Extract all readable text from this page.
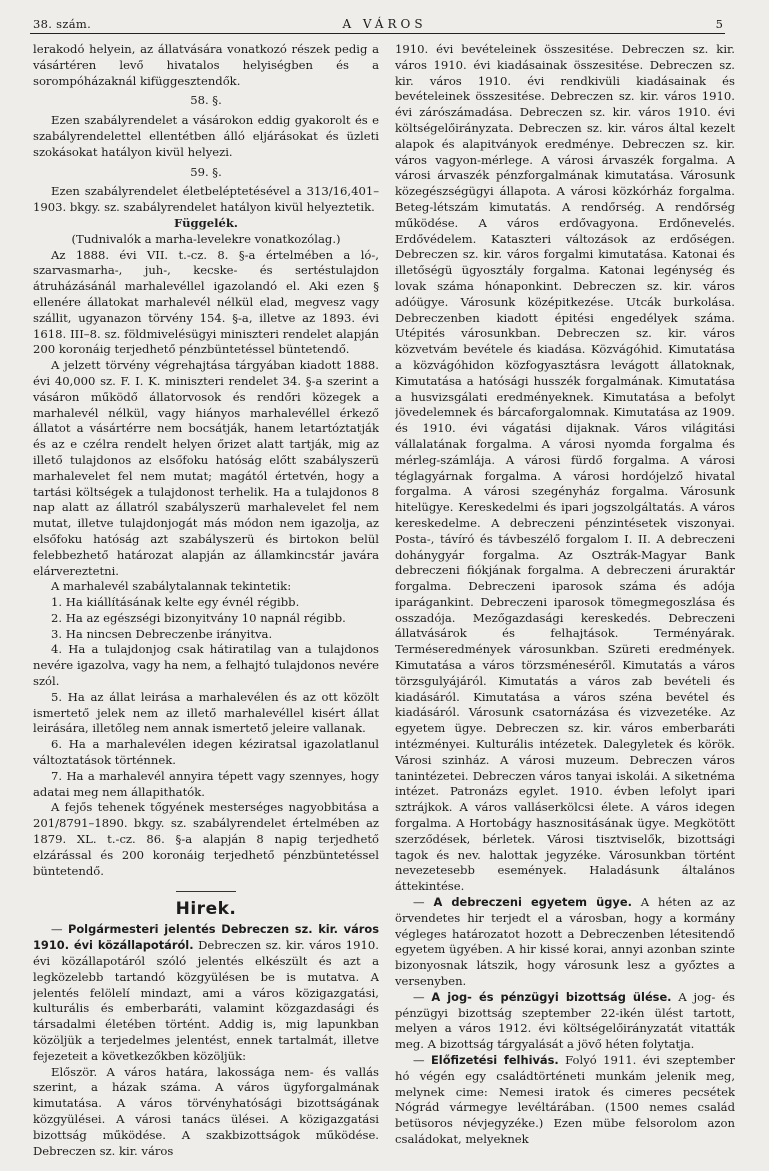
38. szám.	A VÁROS	5

lerakodó helyein, az állatvására vonatkozó részek pedig a vásártéren levő hivatalos helyiségben és a sorompóházaknál kifüggesztendők.

58. §.

Ezen szabályrendelet a vásárokon eddig gyakorolt és e szabályrendelettel ellentétben álló eljárásokat és üzleti szokásokat hatályon kivül helyezi.

59. §.

Ezen szabályrendelet életbeléptetésével a 313/16,401–1903. bkgy. sz. szabályrendelet hatályon kivül helyeztetik.

Függelék.

(Tudnivalók a marha-levelekre vonatkozólag.)

Az 1888. évi VII. t.-cz. 8. §-a értelmében a ló-, szarvasmarha-, juh-, kecske- és sertéstulajdon átruházásánál marhalevéllel igazolandó el. Aki ezen § ellenére állatokat marhalevél nélkül elad, megvesz vagy szállit, ugyanazon törvény 154. §-a, illetve az 1893. évi 1618. III–8. sz. földmivelésügyi miniszteri rendelet alapján 200 koronáig terjedhető pénzbüntetéssel büntetendő.

A jelzett törvény végrehajtása tárgyában kiadott 1888. évi 40,000 sz. F. I. K. miniszteri rendelet 34. §-a szerint a vásáron működő állatorvosok és rendőri közegek a marhalevél nélkül, vagy hiányos marhalevéllel érkező állatot a vásártérre nem bocsátják, hanem letartóztatják és az e czélra rendelt helyen őrizet alatt tartják, mig az illető tulajdonos az elsőfoku hatóság előtt szabályszerü marhalevelet fel nem mutat; magától értetvén, hogy a tartási költségek a tulajdonost terhelik. Ha a tulajdonos 8 nap alatt az állatról szabályszerü marhalevelet fel nem mutat, illetve tulajdonjogát más módon nem igazolja, az elsőfoku hatóság azt szabályszerü és birtokon belül felebbezhető határozat alapján az államkincstár javára elárvereztetni.

A marhalevél szabálytalannak tekintetik:

1. Ha kiállításának kelte egy évnél régibb.

2. Ha az egészségi bizonyitvány 10 napnál régibb.

3. Ha nincsen Debreczenbe irányitva.

4. Ha a tulajdonjog csak hátiratilag van a tulajdonos nevére igazolva, vagy ha nem, a felhajtó tulajdonos nevére szól.

5. Ha az állat leirása a marhalevélen és az ott közölt ismertető jelek nem az illető marhalevéllel kisért állat leirására, illetőleg nem annak ismertető jeleire vallanak.

6. Ha a marhalevélen idegen kéziratsal igazolatlanul változtatások történnek.

7. Ha a marhalevél annyira tépett vagy szennyes, hogy adatai meg nem állapithatók.

A fejős tehenek tőgyének mesterséges nagyobbitása a 201/8791–1890. bkgy. sz. szabályrendelet értelmében az 1879. XL. t.-cz. 86. §-a alapján 8 napig terjedhető elzárással és 200 koronáig terjedhető pénzbüntetéssel büntetendő.

Hirek.

— Polgármesteri jelentés Debreczen sz. kir. város 1910. évi közállapotáról. Debreczen sz. kir. város 1910. évi közállapotáról szóló jelentés elkészült és azt a legközelebb tartandó közgyülésen be is mutatva. A jelentés felölelí mindazt, ami a város közigazgatási, kulturális és emberbaráti, valamint közgazdasági és társadalmi életében történt. Addig is, mig lapunkban közöljük a terjedelmes jelentést, ennek tartalmát, illetve fejezeteit a következőkben közöljük:

Először. A város határa, lakossága nem- és vallás szerint, a házak száma. A város ügyforgalmának kimutatása. A város törvényhatósági bizottságának közgyülései. A városi tanács ülései. A közigazgatási bizottság működése. A szakbizottságok működése. Debreczen sz. kir. város

1910. évi bevételeinek összesitése. Debreczen sz. kir. város 1910. évi kiadásainak összesitése. Debreczen sz. kir. város 1910. évi rendkivüli kiadásainak és bevételeinek összesitése. Debreczen sz. kir. város 1910. évi zárószámadása. Debreczen sz. kir. város 1910. évi költségelőirányzata. Debreczen sz. kir. város által kezelt alapok és alapitványok eredménye. Debreczen sz. kir. város vagyon-mérlege. A városi árvaszék forgalma. A városi árvaszék pénzforgalmának kimutatása. Városunk közegészségügyi állapota. A városi közkórház forgalma. Beteg-létszám kimutatás. A rendőrség. A rendőrség működése. A város erdővagyona. Erdőnevelés. Erdővédelem. Kataszteri változások az erdőségen. Debreczen sz. kir. város forgalmi kimutatása. Katonai és illetőségü ügyosztály forgalma. Katonai legénység és lovak száma hónaponkint. Debreczen sz. kir. város adóügye. Városunk középitkezése. Utcák burkolása. Debreczenben kiadott épitési engedélyek száma. Utépités városunkban. Debreczen sz. kir. város közvetvám bevétele és kiadása. Közvágóhid. Kimutatása a közvágóhidon közfogyasztásra levágott állatoknak, Kimutatása a hatósági husszék forgalmának. Kimutatása a husvizsgálati eredményeknek. Kimutatása a befolyt jövedelemnek és bárcaforgalomnak. Kimutatása az 1909. és 1910. évi vágatási dijaknak. Város világitási vállalatának forgalma. A városi nyomda forgalma és mérleg-számlája. A városi fürdő forgalma. A városi téglagyárnak forgalma. A városi hordójelző hivatal forgalma. A városi szegényház forgalma. Városunk hitelügye. Kereskedelmi és ipari jogszolgáltatás. A város kereskedelme. A debreczeni pénzintésetek viszonyai. Posta-, távíró és távbeszélő forgalom I. II. A debreczeni dohánygyár forgalma. Az Osztrák-Magyar Bank debreczeni fiókjának forgalma. A debreczeni áruraktár forgalma. Debreczeni iparosok száma és adója iparágankint. Debreczeni iparosok tömegmegoszlása és osszadója. Mezőgazdasági kereskedés. Debreczeni állatvásárok és felhajtások. Terményárak. Terméseredmények városunkban. Szüreti eredmények. Kimutatása a város törzsméneséről. Kimutatás a város törzsgulyájáról. Kimutatás a város zab bevételi és kiadásáról. Kimutatása a város széna bevétel és kiadásáról. Városunk csatornázása és vizvezetéke. Az egyetem ügye. Debreczen sz. kir. város emberbaráti intézményei. Kulturális intézetek. Dalegyletek és körök. Városi szinház. A városi muzeum. Debreczen város tanintézetei. Debreczen város tanyai iskolái. A siketnéma intézet. Patronázs egylet. 1910. évben lefolyt ipari sztrájkok. A város valláserkölcsi élete. A város idegen forgalma. A Hortobágy hasznositásának ügye. Megkötött szerződések, bérletek. Városi tisztviselők, bizottsági tagok és nev. halottak jegyzéke. Városunkban történt nevezetesebb események. Haladásunk általános áttekintése.

— A debreczeni egyetem ügye. A héten az az örvendetes hir terjedt el a városban, hogy a kormány végleges határozatot hozott a Debreczenben létesitendő egyetem ügyében. A hir kissé korai, annyi azonban szinte bizonyosnak látszik, hogy városunk lesz a győztes a versenyben.

— A jog- és pénzügyi bizottság ülése. A jog- és pénzügyi bizottság szeptember 22-ikén ülést tartott, melyen a város 1912. évi költségelőirányzatát vitatták meg. A bizottság tárgyalását a jövő héten folytatja.

— Előfizetési felhivás. Folyó 1911. évi szeptember hó végén egy családtörténeti munkám jelenik meg, melynek cime: Nemesi iratok és cimeres pecsétek Nógrád vármegye levéltárában. (1500 nemes család betüsoros névjegyzéke.) Ezen mübe felsorolom azon családokat, melyeknek
